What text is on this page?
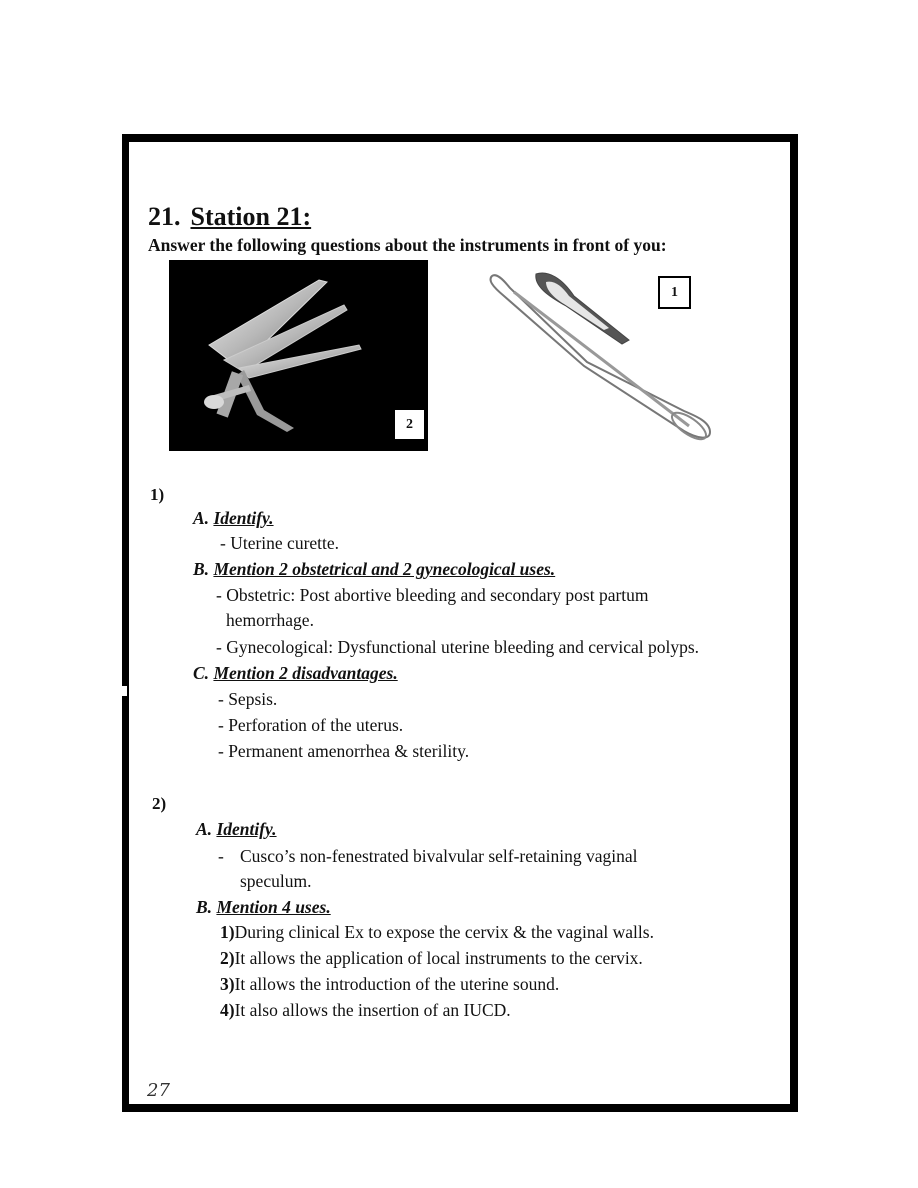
21. Station 21:
Answer the following questions about the instruments in front of you:
2
1
1)
A. Identify.
- Uterine curette.
B. Mention 2 obstetrical and 2 gynecological uses.
- Obstetric: Post abortive bleeding and secondary post partum
hemorrhage.
- Gynecological: Dysfunctional uterine bleeding and cervical polyps.
C. Mention 2 disadvantages.
- Sepsis.
- Perforation of the uterus.
- Permanent amenorrhea & sterility.
2)
A. Identify.
- Cusco’s non-fenestrated bivalvular self-retaining vaginal
speculum.
B. Mention 4 uses.
1)During clinical Ex to expose the cervix & the vaginal walls.
2)It allows the application of local instruments to the cervix.
3)It allows the introduction of the uterine sound.
4)It also allows the insertion of an IUCD.
27
